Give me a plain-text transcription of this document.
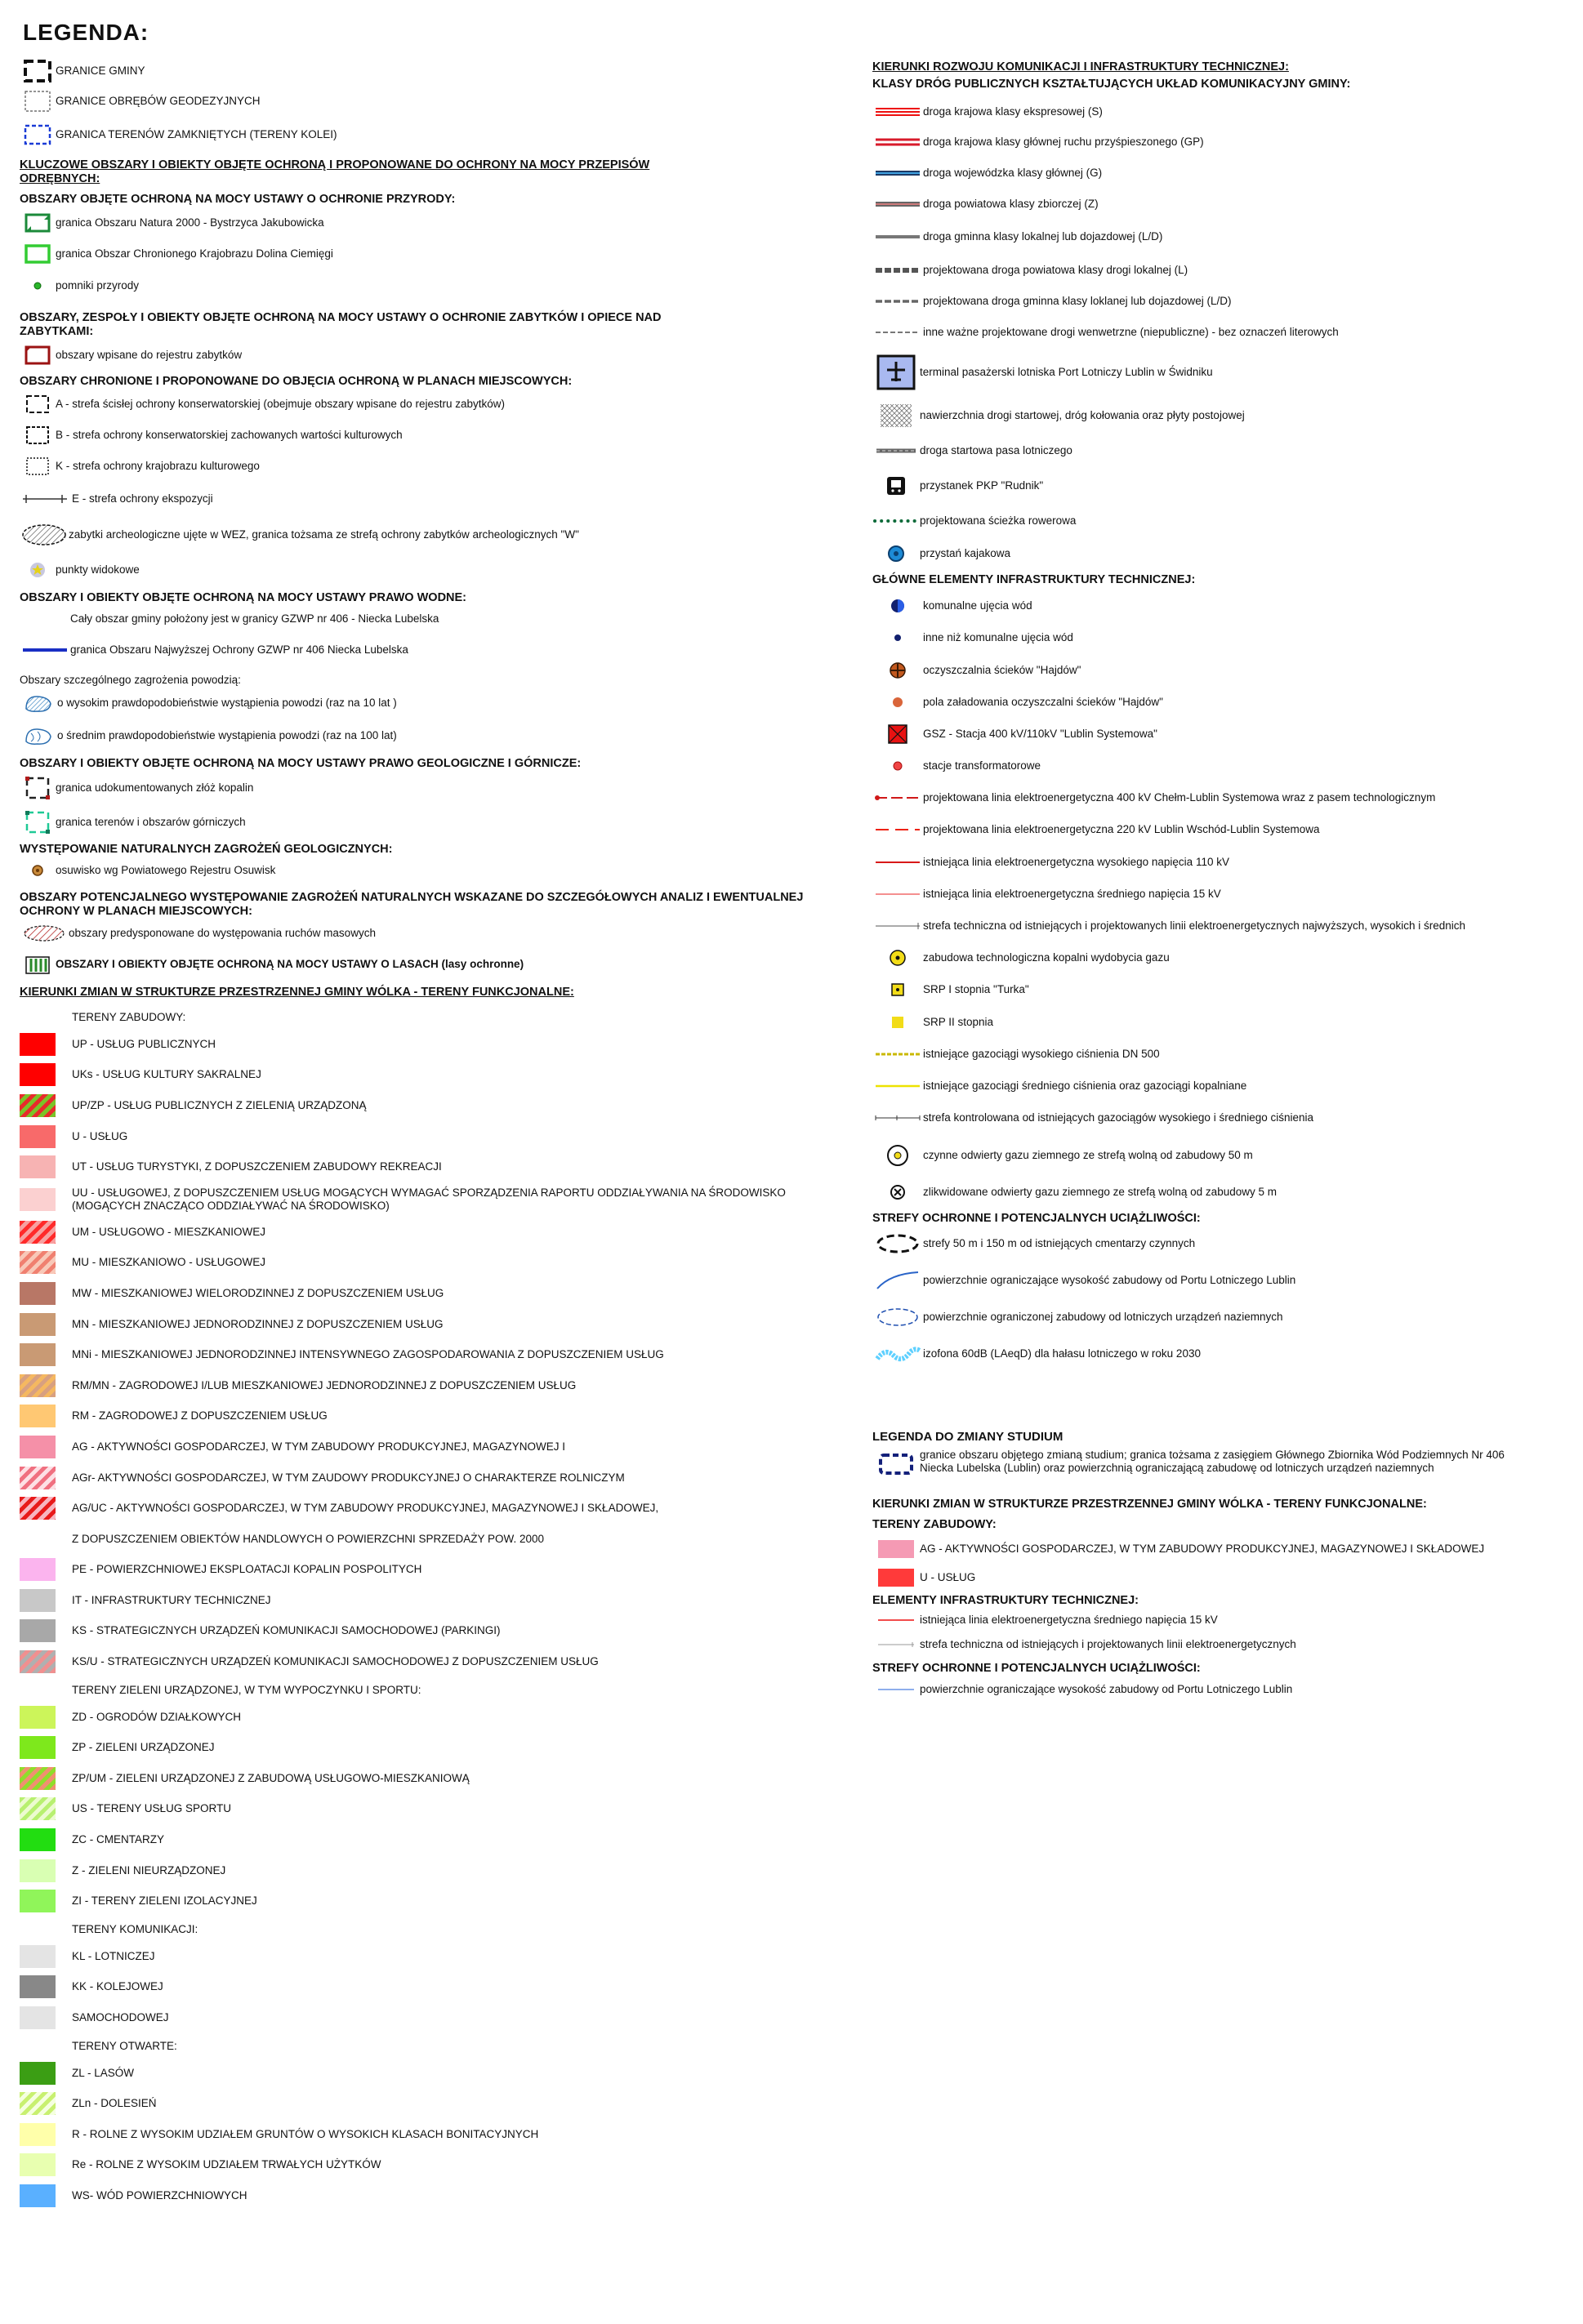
LEGENDA:
GRANICE GMINY
GRANICE OBRĘBÓW GEODEZYJNYCH
GRANICA TERENÓW ZAMKNIĘTYCH (TERENY KOLEI)
KLUCZOWE OBSZARY I OBIEKTY OBJĘTE OCHRONĄ I PROPONOWANE DO OCHRONY NA MOCY PRZEPISÓW ODRĘBNYCH:
OBSZARY OBJĘTE OCHRONĄ NA MOCY USTAWY O OCHRONIE PRZYRODY:
granica Obszaru Natura 2000 - Bystrzyca Jakubowicka
granica Obszar Chronionego Krajobrazu Dolina Ciemięgi
pomniki przyrody
OBSZARY, ZESPOŁY I OBIEKTY OBJĘTE OCHRONĄ NA MOCY USTAWY O OCHRONIE ZABYTKÓW I OPIECE NAD ZABYTKAMI:
obszary wpisane do rejestru zabytków
OBSZARY CHRONIONE I PROPONOWANE DO OBJĘCIA OCHRONĄ W PLANACH MIEJSCOWYCH:
A - strefa ścisłej ochrony konserwatorskiej (obejmuje obszary wpisane do rejestru zabytków)
B - strefa ochrony konserwatorskiej zachowanych wartości kulturowych
K - strefa ochrony krajobrazu kulturowego
E - strefa ochrony ekspozycji
zabytki archeologiczne ujęte w WEZ, granica tożsama ze strefą ochrony zabytków archeologicznych "W"
punkty widokowe
OBSZARY I OBIEKTY OBJĘTE OCHRONĄ NA MOCY USTAWY PRAWO WODNE:
Cały obszar gminy położony jest w granicy GZWP nr 406 - Niecka Lubelska
granica Obszaru Najwyższej Ochrony GZWP nr 406 Niecka Lubelska
Obszary szczególnego zagrożenia powodzią:
o wysokim prawdopodobieństwie wystąpienia powodzi (raz na 10 lat )
o średnim prawdopodobieństwie wystąpienia powodzi (raz na 100 lat)
OBSZARY I OBIEKTY OBJĘTE OCHRONĄ NA MOCY USTAWY PRAWO GEOLOGICZNE I GÓRNICZE:
granica udokumentowanych złóż kopalin
granica terenów i obszarów górniczych
WYSTĘPOWANIE NATURALNYCH ZAGROŻEŃ GEOLOGICZNYCH:
osuwisko wg Powiatowego Rejestru Osuwisk
OBSZARY POTENCJALNEGO WYSTĘPOWANIE ZAGROŻEŃ NATURALNYCH WSKAZANE DO SZCZEGÓŁOWYCH ANALIZ I EWENTUALNEJ OCHRONY W PLANACH MIEJSCOWYCH:
obszary predysponowane do występowania ruchów masowych
OBSZARY I OBIEKTY OBJĘTE OCHRONĄ NA MOCY USTAWY O LASACH (lasy ochronne)
KIERUNKI ZMIAN W STRUKTURZE PRZESTRZENNEJ GMINY WÓLKA - TERENY FUNKCJONALNE:
TERENY ZABUDOWY:
UP - USŁUG PUBLICZNYCH
UKs - USŁUG KULTURY SAKRALNEJ
UP/ZP - USŁUG PUBLICZNYCH Z ZIELENIĄ URZĄDZONĄ
U - USŁUG
UT - USŁUG TURYSTYKI, Z DOPUSZCZENIEM ZABUDOWY REKREACJI
UU - USŁUGOWEJ, Z DOPUSZCZENIEM USŁUG MOGĄCYCH WYMAGAĆ SPORZĄDZENIA RAPORTU ODDZIAŁYWANIA NA ŚRODOWISKO (MOGĄCYCH ZNACZĄCO ODDZIAŁYWAĆ NA ŚRODOWISKO)
UM - USŁUGOWO - MIESZKANIOWEJ
MU - MIESZKANIOWO - USŁUGOWEJ
MW - MIESZKANIOWEJ WIELORODZINNEJ Z DOPUSZCZENIEM USŁUG
MN - MIESZKANIOWEJ JEDNORODZINNEJ Z DOPUSZCZENIEM USŁUG
MNi - MIESZKANIOWEJ JEDNORODZINNEJ INTENSYWNEGO ZAGOSPODAROWANIA Z DOPUSZCZENIEM USŁUG
RM/MN - ZAGRODOWEJ I/LUB MIESZKANIOWEJ JEDNORODZINNEJ Z DOPUSZCZENIEM USŁUG
RM - ZAGRODOWEJ Z DOPUSZCZENIEM USŁUG
AG - AKTYWNOŚCI GOSPODARCZEJ, W TYM ZABUDOWY PRODUKCYJNEJ, MAGAZYNOWEJ I
AGr- AKTYWNOŚCI GOSPODARCZEJ, W TYM ZAUDOWY PRODUKCYJNEJ O CHARAKTERZE ROLNICZYM
AG/UC - AKTYWNOŚCI GOSPODARCZEJ, W TYM ZABUDOWY PRODUKCYJNEJ, MAGAZYNOWEJ I SKŁADOWEJ,
Z DOPUSZCZENIEM OBIEKTÓW HANDLOWYCH O POWIERZCHNI SPRZEDAŻY POW. 2000
PE - POWIERZCHNIOWEJ EKSPLOATACJI KOPALIN POSPOLITYCH
IT - INFRASTRUKTURY TECHNICZNEJ
KS - STRATEGICZNYCH URZĄDZEŃ KOMUNIKACJI SAMOCHODOWEJ (PARKINGI)
KS/U - STRATEGICZNYCH URZĄDZEŃ KOMUNIKACJI SAMOCHODOWEJ Z DOPUSZCZENIEM USŁUG
TERENY ZIELENI URZĄDZONEJ, W TYM WYPOCZYNKU I SPORTU:
ZD - OGRODÓW DZIAŁKOWYCH
ZP - ZIELENI URZĄDZONEJ
ZP/UM - ZIELENI URZĄDZONEJ Z ZABUDOWĄ USŁUGOWO-MIESZKANIOWĄ
US - TERENY USŁUG SPORTU
ZC - CMENTARZY
Z - ZIELENI NIEURZĄDZONEJ
ZI - TERENY ZIELENI IZOLACYJNEJ
TERENY KOMUNIKACJI:
KL - LOTNICZEJ
KK - KOLEJOWEJ
SAMOCHODOWEJ
TERENY OTWARTE:
ZL - LASÓW
ZLn - DOLESIEŃ
R - ROLNE Z WYSOKIM UDZIAŁEM GRUNTÓW O WYSOKICH KLASACH BONITACYJNYCH
Re - ROLNE Z WYSOKIM UDZIAŁEM TRWAŁYCH UŻYTKÓW
WS- WÓD POWIERZCHNIOWYCH
KIERUNKI ROZWOJU KOMUNIKACJI I INFRASTRUKTURY TECHNICZNEJ:
KLASY DRÓG PUBLICZNYCH KSZTAŁTUJĄCYCH UKŁAD KOMUNIKACYJNY GMINY:
droga krajowa klasy ekspresowej (S)
droga krajowa klasy głównej ruchu przyśpieszonego (GP)
droga wojewódzka klasy głównej (G)
droga powiatowa klasy zbiorczej (Z)
droga gminna klasy lokalnej lub dojazdowej (L/D)
projektowana droga powiatowa klasy drogi lokalnej (L)
projektowana droga gminna klasy loklanej lub dojazdowej (L/D)
inne ważne projektowane drogi wenwetrzne (niepubliczne) - bez oznaczeń literowych
terminal pasażerski lotniska Port Lotniczy Lublin w Świdniku
nawierzchnia drogi startowej, dróg kołowania oraz płyty postojowej
droga startowa pasa lotniczego
przystanek PKP "Rudnik"
projektowana ścieżka rowerowa
przystań kajakowa
GŁÓWNE ELEMENTY INFRASTRUKTURY TECHNICZNEJ:
komunalne ujęcia wód
inne niż komunalne ujęcia wód
oczyszczalnia ścieków "Hajdów"
pola załadowania oczyszczalni ścieków "Hajdów"
GSZ - Stacja 400 kV/110kV "Lublin Systemowa"
stacje transformatorowe
projektowana linia elektroenergetyczna 400 kV Chełm-Lublin Systemowa wraz z pasem technologicznym
projektowana linia elektroenergetyczna 220 kV Lublin Wschód-Lublin Systemowa
istniejąca linia elektroenergetyczna wysokiego napięcia 110 kV
istniejąca linia elektroenergetyczna średniego napięcia 15 kV
strefa techniczna od istniejących i projektowanych linii elektroenergetycznych najwyższych, wysokich i średnich
zabudowa technologiczna kopalni wydobycia gazu
SRP I stopnia "Turka"
SRP II stopnia
istniejące gazociągi wysokiego ciśnienia DN 500
istniejące gazociągi średniego ciśnienia oraz gazociągi kopalniane
strefa kontrolowana od istniejących gazociągów wysokiego i średniego ciśnienia
czynne odwierty gazu ziemnego ze strefą wolną od zabudowy 50 m
zlikwidowane odwierty gazu ziemnego ze strefą wolną od zabudowy 5 m
STREFY OCHRONNE I POTENCJALNYCH UCIĄŻLIWOŚCI:
strefy 50 m i 150 m od istniejących cmentarzy czynnych
powierzchnie ograniczające wysokość zabudowy od Portu Lotniczego Lublin
powierzchnie ograniczonej zabudowy od lotniczych urządzeń naziemnych
izofona 60dB (LAeqD) dla hałasu lotniczego w roku 2030
LEGENDA DO ZMIANY STUDIUM
granice obszaru objętego zmianą studium; granica tożsama z zasięgiem Głównego Zbiornika Wód Podziemnych Nr 406 Niecka Lubelska (Lublin) oraz powierzchnią ograniczającą zabudowę od lotniczych urządzeń naziemnych
KIERUNKI ZMIAN W STRUKTURZE PRZESTRZENNEJ GMINY WÓLKA - TERENY FUNKCJONALNE:
TERENY ZABUDOWY:
AG - AKTYWNOŚCI GOSPODARCZEJ, W TYM ZABUDOWY PRODUKCYJNEJ, MAGAZYNOWEJ I SKŁADOWEJ
U - USŁUG
ELEMENTY INFRASTRUKTURY TECHNICZNEJ:
istniejąca linia elektroenergetyczna średniego napięcia 15 kV
strefa techniczna od istniejących i projektowanych linii elektroenergetycznych
STREFY OCHRONNE I POTENCJALNYCH UCIĄŻLIWOŚCI:
powierzchnie ograniczające wysokość zabudowy od Portu Lotniczego Lublin
